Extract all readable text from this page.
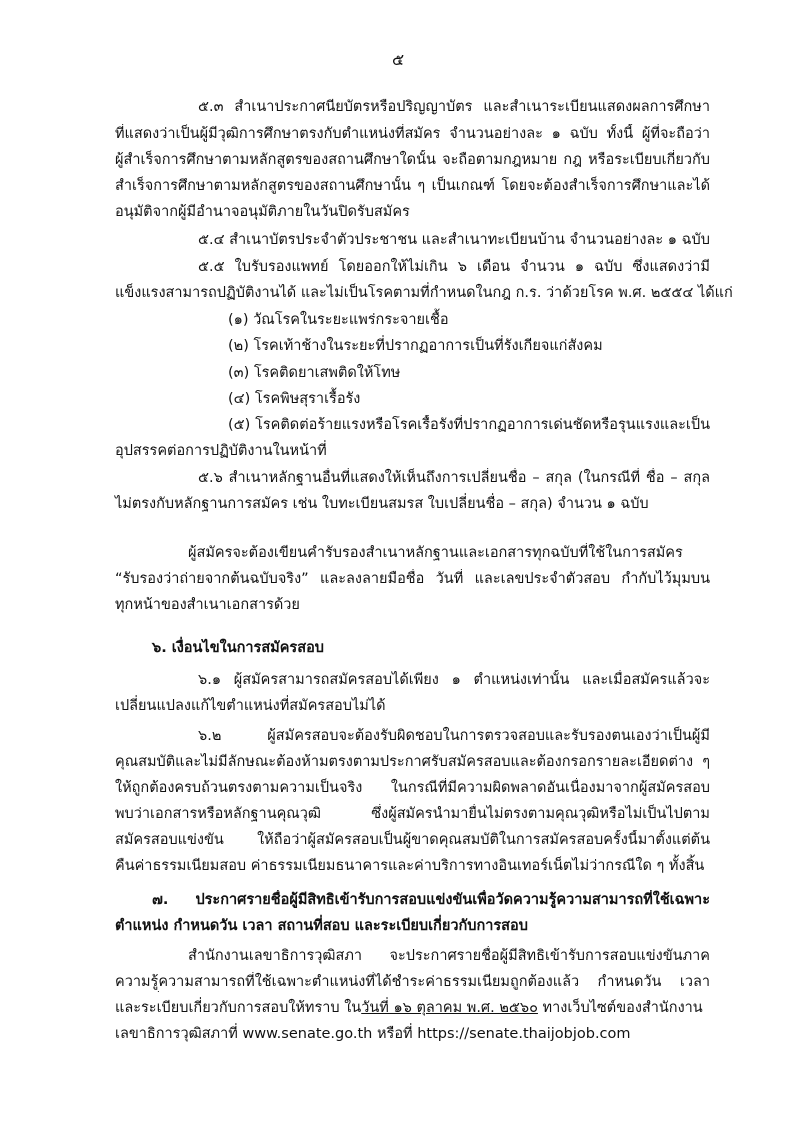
๕
๕.๓ สำเนาประกาศนียบัตรหรือปริญญาบัตร และสำเนาระเบียนแสดงผลการศึกษา
ที่แสดงว่าเป็นผู้มีวุฒิการศึกษาตรงกับตำแหน่งที่สมัคร จำนวนอย่างละ ๑ ฉบับ ทั้งนี้ ผู้ที่จะถือว่า
ผู้สำเร็จการศึกษาตามหลักสูตรของสถานศึกษาใดนั้น จะถือตามกฎหมาย กฎ หรือระเบียบเกี่ยวกับ
สำเร็จการศึกษาตามหลักสูตรของสถานศึกษานั้น ๆ เป็นเกณฑ์ โดยจะต้องสำเร็จการศึกษาและได้
อนุมัติจากผู้มีอำนาจอนุมัติภายในวันปิดรับสมัคร
๕.๔ สำเนาบัตรประจำตัวประชาชน และสำเนาทะเบียนบ้าน จำนวนอย่างละ ๑ ฉบับ
๕.๕ ใบรับรองแพทย์ โดยออกให้ไม่เกิน ๖ เดือน จำนวน ๑ ฉบับ ซึ่งแสดงว่ามี
แข็งแรงสามารถปฏิบัติงานได้ และไม่เป็นโรคตามที่กำหนดในกฎ ก.ร. ว่าด้วยโรค พ.ศ. ๒๕๕๔ ได้แก่
(๑) วัณโรคในระยะแพร่กระจายเชื้อ
(๒) โรคเท้าช้างในระยะที่ปรากฏอาการเป็นที่รังเกียจแก่สังคม
(๓) โรคติดยาเสพติดให้โทษ
(๔) โรคพิษสุราเรื้อรัง
(๕) โรคติดต่อร้ายแรงหรือโรคเรื้อรังที่ปรากฏอาการเด่นชัดหรือรุนแรงและเป็น
อุปสรรคต่อการปฏิบัติงานในหน้าที่
๕.๖ สำเนาหลักฐานอื่นที่แสดงให้เห็นถึงการเปลี่ยนชื่อ – สกุล (ในกรณีที่ ชื่อ – สกุล
ไม่ตรงกับหลักฐานการสมัคร เช่น ใบทะเบียนสมรส ใบเปลี่ยนชื่อ – สกุล) จำนวน ๑ ฉบับ
ผู้สมัครจะต้องเขียนคำรับรองสำเนาหลักฐานและเอกสารทุกฉบับที่ใช้ในการสมัคร
“รับรองว่าถ่ายจากต้นฉบับจริง” และลงลายมือชื่อ วันที่ และเลขประจำตัวสอบ กำกับไว้มุมบน
ทุกหน้าของสำเนาเอกสารด้วย
๖. เงื่อนไขในการสมัครสอบ
๖.๑ ผู้สมัครสามารถสมัครสอบได้เพียง ๑ ตำแหน่งเท่านั้น และเมื่อสมัครแล้วจะ
เปลี่ยนแปลงแก้ไขตำแหน่งที่สมัครสอบไม่ได้
๖.๒ ผู้สมัครสอบจะต้องรับผิดชอบในการตรวจสอบและรับรองตนเองว่าเป็นผู้มี
คุณสมบัติและไม่มีลักษณะต้องห้ามตรงตามประกาศรับสมัครสอบและต้องกรอกรายละเอียดต่าง ๆ
ให้ถูกต้องครบถ้วนตรงตามความเป็นจริง ในกรณีที่มีความผิดพลาดอันเนื่องมาจากผู้สมัครสอบ
พบว่าเอกสารหรือหลักฐานคุณวุฒิ ซึ่งผู้สมัครนำมายื่นไม่ตรงตามคุณวุฒิหรือไม่เป็นไปตาม
สมัครสอบแข่งขัน ให้ถือว่าผู้สมัครสอบเป็นผู้ขาดคุณสมบัติในการสมัครสอบครั้งนี้มาตั้งแต่ต้น
คืนค่าธรรมเนียมสอบ ค่าธรรมเนียมธนาคารและค่าบริการทางอินเทอร์เน็ตไม่ว่ากรณีใด ๆ ทั้งสิ้น
๗. ประกาศรายชื่อผู้มีสิทธิเข้ารับการสอบแข่งขันเพื่อวัดความรู้ความสามารถที่ใช้เฉพาะ
ตำแหน่ง กำหนดวัน เวลา สถานที่สอบ และระเบียบเกี่ยวกับการสอบ
สำนักงานเลขาธิการวุฒิสภา จะประกาศรายชื่อผู้มีสิทธิเข้ารับการสอบแข่งขันภาค
ความรู้ความสามารถที่ใช้เฉพาะตำแหน่งที่ได้ชำระค่าธรรมเนียมถูกต้องแล้ว กำหนดวัน เวลา
และระเบียบเกี่ยวกับการสอบให้ทราบ ในวันที่ ๑๖ ตุลาคม พ.ศ. ๒๕๖๐ ทางเว็บไซต์ของสำนักงาน
เลขาธิการวุฒิสภาที่ www.senate.go.th หรือที่ https://senate.thaijobjob.com
